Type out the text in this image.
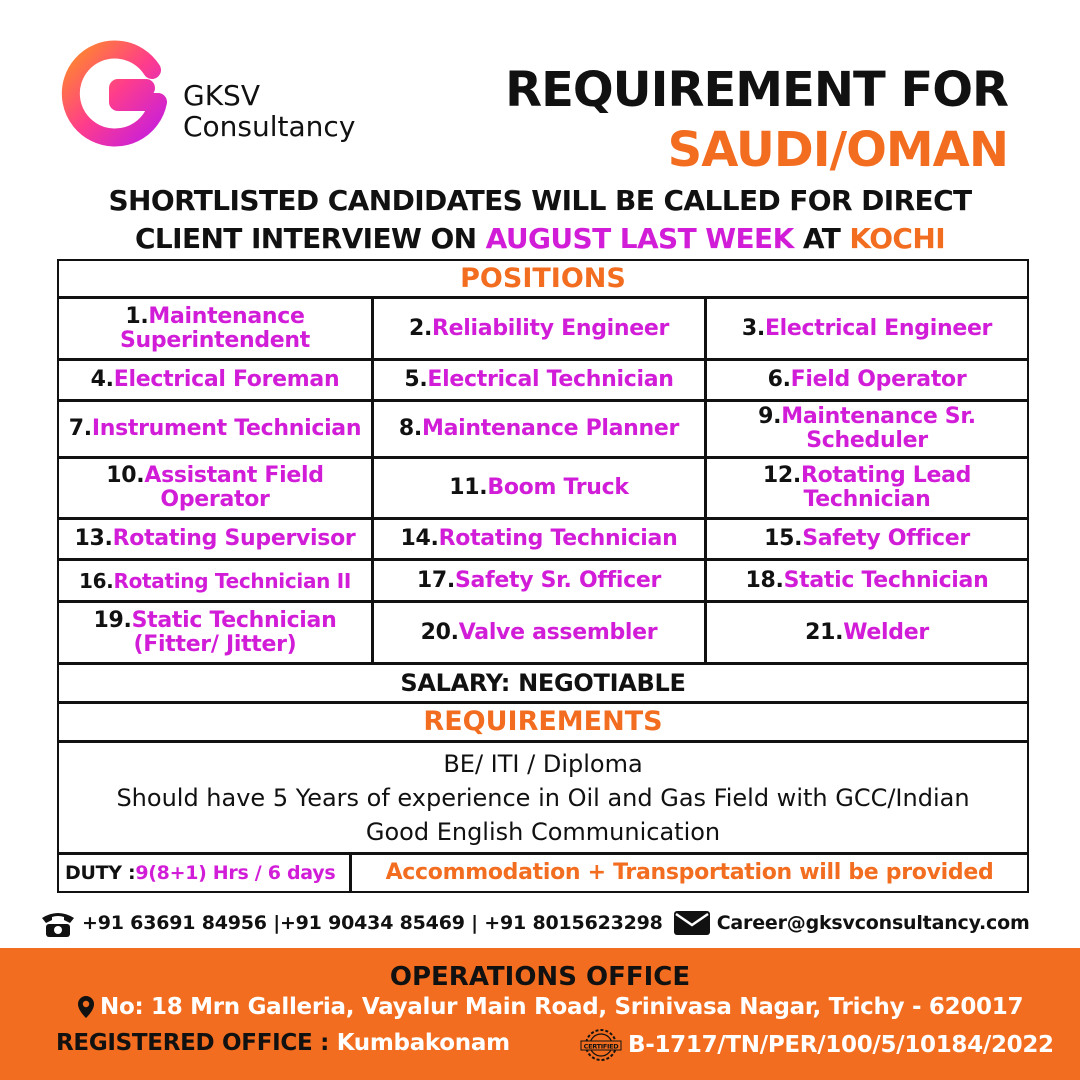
GKSV
Consultancy
REQUIREMENT FOR
SAUDI/OMAN
SHORTLISTED CANDIDATES WILL BE CALLED FOR DIRECT
CLIENT INTERVIEW ON AUGUST LAST WEEK AT KOCHI
POSITIONS
1.Maintenance Superintendent	2.Reliability Engineer	3.Electrical Engineer
4.Electrical Foreman	5.Electrical Technician	6.Field Operator
7.Instrument Technician 8.Maintenance Planner	9.Maintenance Sr. Scheduler
10.Assistant Field Operator	11.Boom Truck	12.Rotating Lead Technician
13.Rotating Supervisor 14.Rotating Technician	15.Safety Officer
16.Rotating Technician II	17.Safety Sr. Officer	18.Static Technician
19.Static Technician (Fitter/ Jitter)	20.Valve assembler	21.Welder
SALARY: NEGOTIABLE
REQUIREMENTS
BE/ ITI / Diploma
Should have 5 Years of experience in Oil and Gas Field with GCC/Indian
Good English Communication
DUTY : 9(8+1) Hrs / 6 days	Accommodation + Transportation will be provided
+91 63691 84956 |+91 90434 85469 | +91 8015623298	Career@gksvconsultancy.com
OPERATIONS OFFICE
No: 18 Mrn Galleria, Vayalur Main Road, Srinivasa Nagar, Trichy - 620017
REGISTERED OFFICE : Kumbakonam	CERTIFIED B-1717/TN/PER/100/5/10184/2022
